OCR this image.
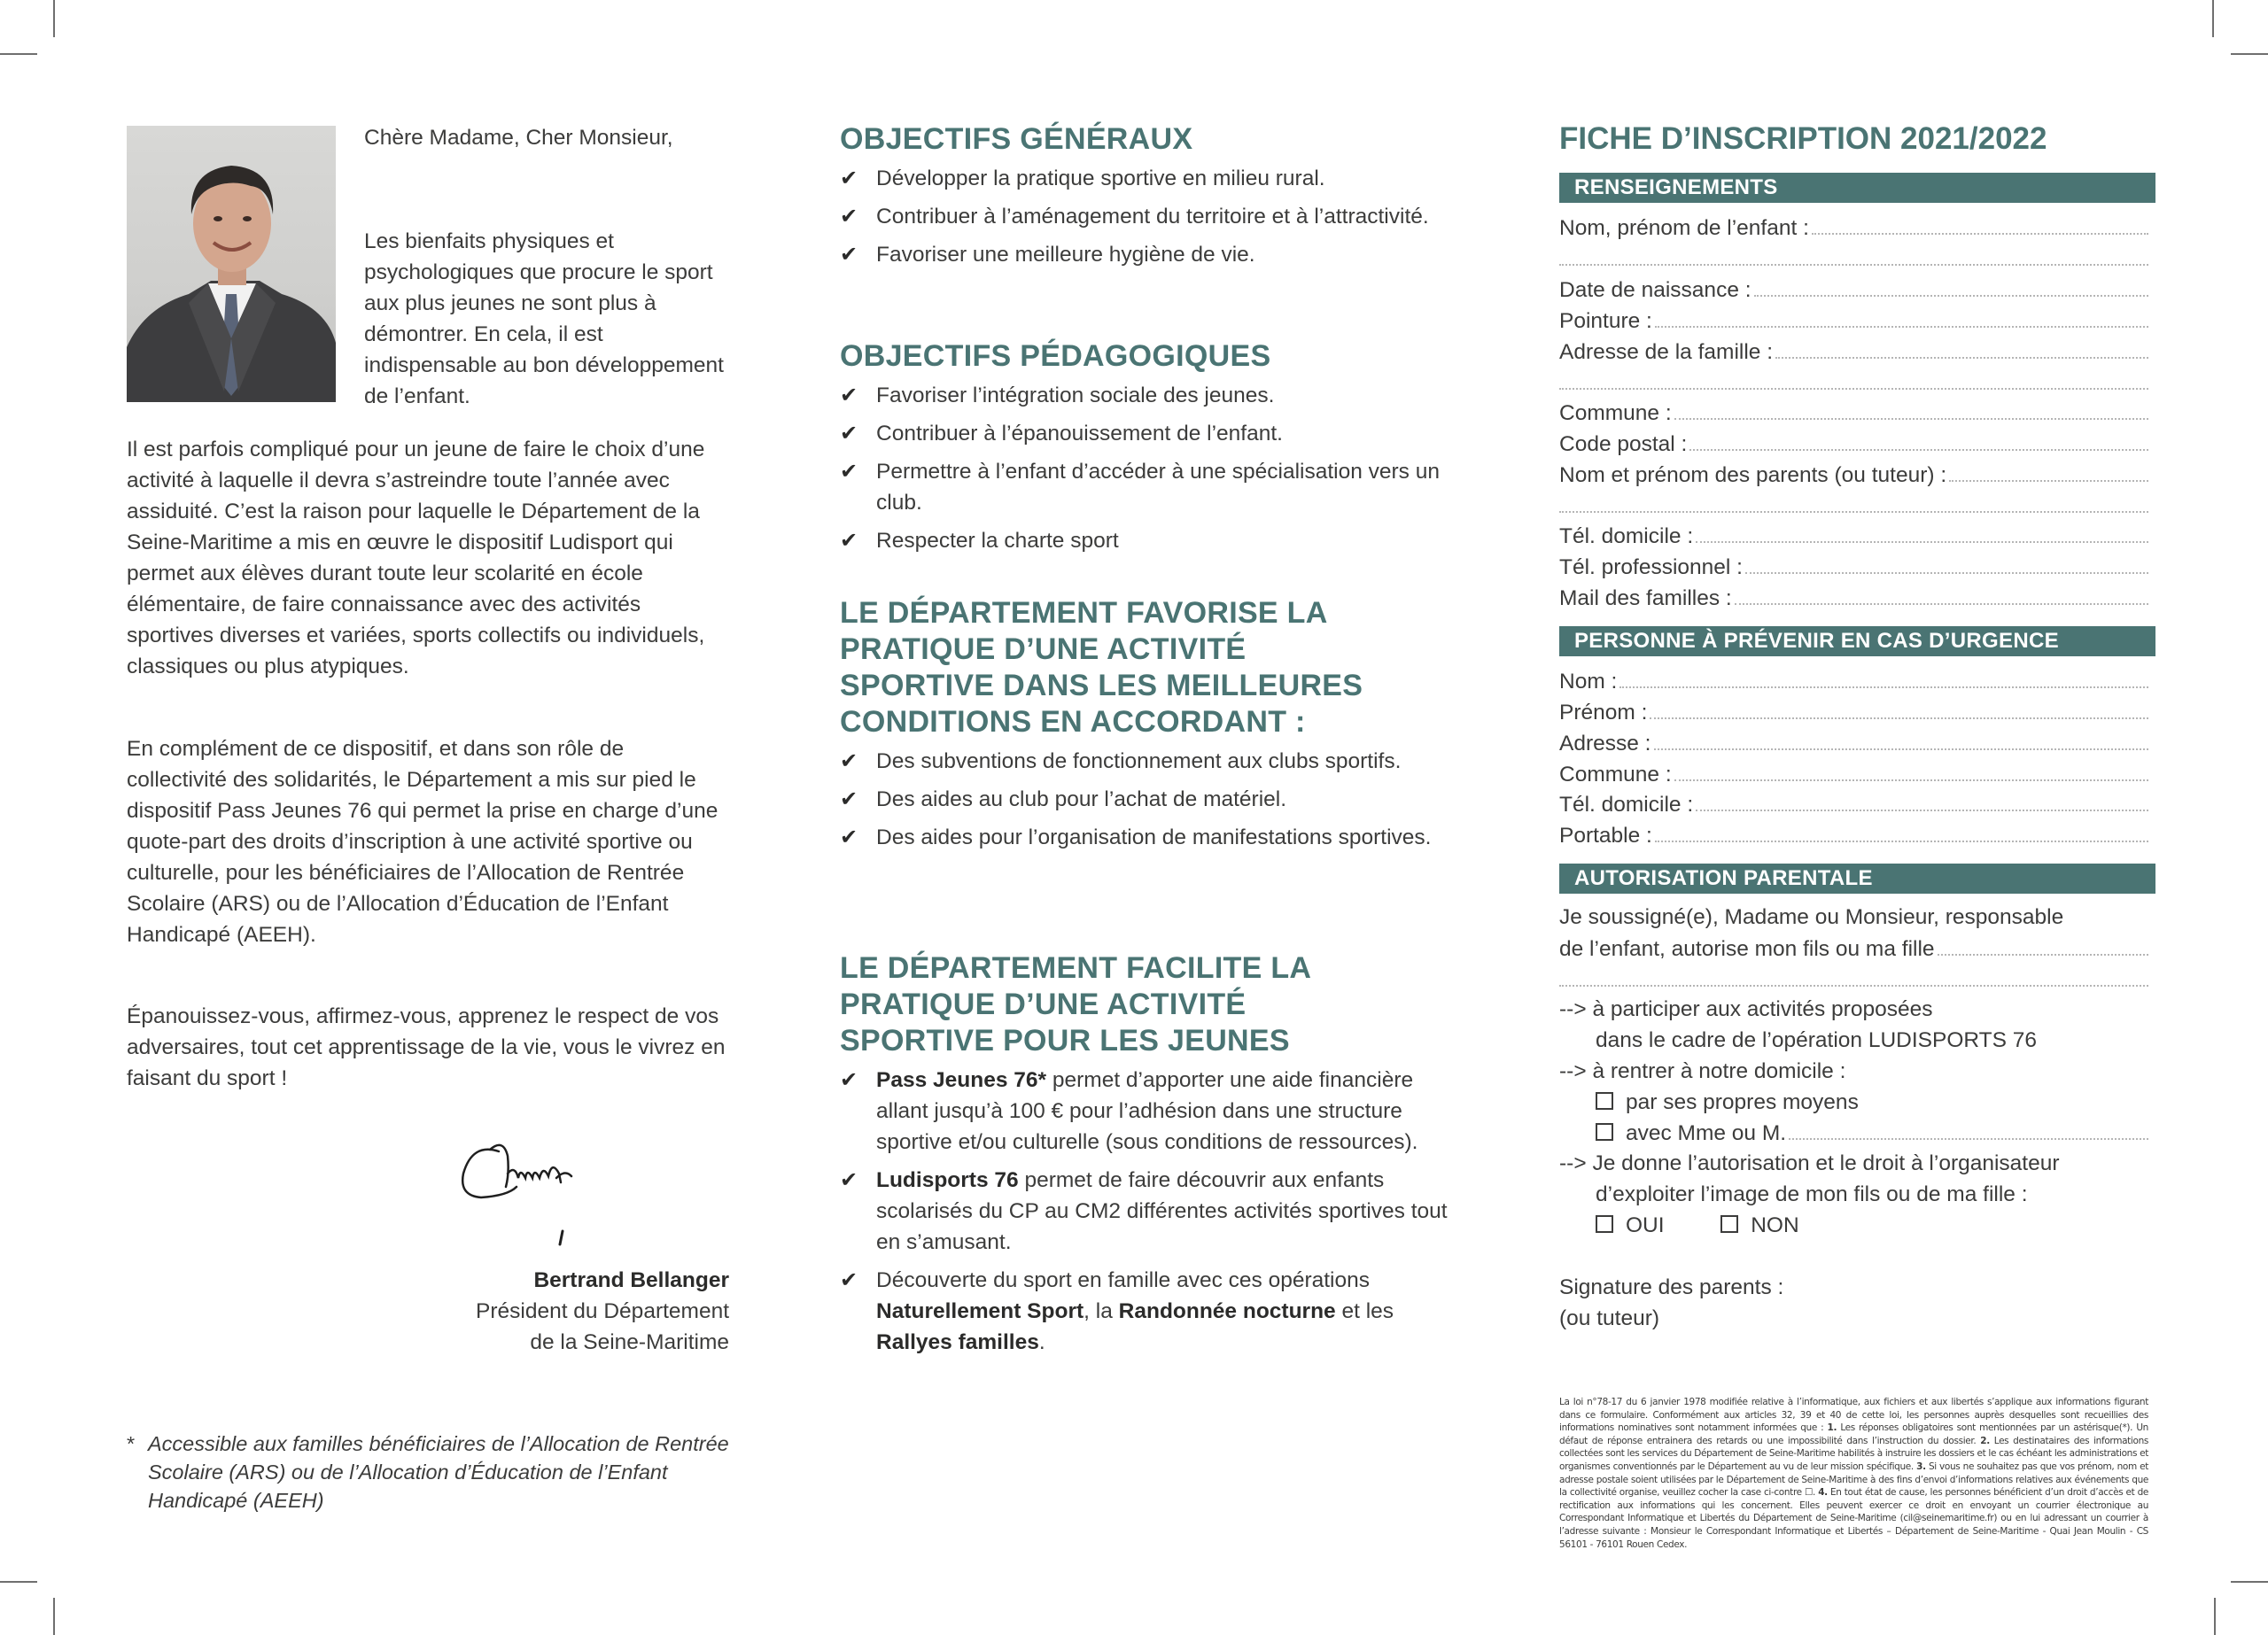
Chère Madame, Cher Monsieur,
Les bienfaits physiques et psychologiques que procure le sport aux plus jeunes ne sont plus à démontrer. En cela, il est indispensable au bon développement de l’enfant.

Il est parfois compliqué pour un jeune de faire le choix d’une activité à laquelle il devra s’astreindre toute l’année avec assiduité. C’est la raison pour laquelle le Département de la Seine-Maritime a mis en œuvre le dispositif Ludisport qui permet aux élèves durant toute leur scolarité en école élémentaire, de faire connaissance avec des activités sportives diverses et variées, sports collectifs ou individuels, classiques ou plus atypiques.

En complément de ce dispositif, et dans son rôle de collectivité des solidarités, le Département a mis sur pied le dispositif Pass Jeunes 76 qui permet la prise en charge d’une quote-part des droits d’inscription à une activité sportive ou culturelle, pour les bénéficiaires de l’Allocation de Rentrée Scolaire (ARS) ou de l’Allocation d’Éducation de l’Enfant Handicapé (AEEH).

Épanouissez-vous, affirmez-vous, apprenez le respect de vos adversaires, tout cet apprentissage de la vie, vous le vivrez en faisant du sport !

Bertrand Bellanger
Président du Département
de la Seine-Maritime
* Accessible aux familles bénéficiaires de l’Allocation de Rentrée Scolaire (ARS) ou de l’Allocation d’Éducation de l’Enfant Handicapé (AEEH)
OBJECTIFS GÉNÉRAUX
✔ Développer la pratique sportive en milieu rural.
✔ Contribuer à l’aménagement du territoire et à l’attractivité.
✔ Favoriser une meilleure hygiène de vie.
OBJECTIFS PÉDAGOGIQUES
✔ Favoriser l’intégration sociale des jeunes.
✔ Contribuer à l’épanouissement de l’enfant.
✔ Permettre à l’enfant d’accéder à une spécialisation vers un club.
✔ Respecter la charte sport
LE DÉPARTEMENT FAVORISE LA PRATIQUE D’UNE ACTIVITÉ SPORTIVE DANS LES MEILLEURES CONDITIONS EN ACCORDANT :
✔ Des subventions de fonctionnement aux clubs sportifs.
✔ Des aides au club pour l’achat de matériel.
✔ Des aides pour l’organisation de manifestations sportives.
LE DÉPARTEMENT FACILITE LA PRATIQUE D’UNE ACTIVITÉ SPORTIVE POUR LES JEUNES
✔ Pass Jeunes 76* permet d’apporter une aide financière allant jusqu’à 100 € pour l’adhésion dans une structure sportive et/ou culturelle (sous conditions de ressources).
✔ Ludisports 76 permet de faire découvrir aux enfants scolarisés du CP au CM2 différentes activités sportives tout en s’amusant.
✔ Découverte du sport en famille avec ces opérations Naturellement Sport, la Randonnée nocturne et les Rallyes familles.
FICHE D’INSCRIPTION 2021/2022
RENSEIGNEMENTS
Nom, prénom de l’enfant :
Date de naissance :
Pointure :
Adresse de la famille :
Commune :
Code postal :
Nom et prénom des parents (ou tuteur) :
Tél. domicile :
Tél. professionnel :
Mail des familles :
PERSONNE À PRÉVENIR EN CAS D’URGENCE
Nom :
Prénom :
Adresse :
Commune :
Tél. domicile :
Portable :
AUTORISATION PARENTALE
Je soussigné(e), Madame ou Monsieur, responsable
de l’enfant, autorise mon fils ou ma fille
--> à participer aux activités proposées
dans le cadre de l’opération LUDISPORTS 76
--> à rentrer à notre domicile :
par ses propres moyens
avec Mme ou M.
--> Je donne l’autorisation et le droit à l’organisateur
d’exploiter l’image de mon fils ou de ma fille :
OUI	NON
Signature des parents :
(ou tuteur)
La loi n°78-17 du 6 janvier 1978 modifiée relative à l’informatique, aux fichiers et aux libertés s’applique aux informations figurant dans ce formulaire. Conformément aux articles 32, 39 et 40 de cette loi, les personnes auprès desquelles sont recueillies des informations nominatives sont notamment informées que : 1. Les réponses obligatoires sont mentionnées par un astérisque(*). Un défaut de réponse entrainera des retards ou une impossibilité dans l’instruction du dossier. 2. Les destinataires des informations collectées sont les services du Département de Seine-Maritime habilités à instruire les dossiers et le cas échéant les administrations et organismes conventionnés par le Département au vu de leur mission spécifique. 3. Si vous ne souhaitez pas que vos prénom, nom et adresse postale soient utilisées par le Département de Seine-Maritime à des fins d’envoi d’informations relatives aux événements que la collectivité organise, veuillez cocher la case ci-contre ☐. 4. En tout état de cause, les personnes bénéficient d’un droit d’accès et de rectification aux informations qui les concernent. Elles peuvent exercer ce droit en envoyant un courrier électronique au Correspondant Informatique et Libertés du Département de Seine-Maritime (cil@seinemaritime.fr) ou en lui adressant un courrier à l’adresse suivante : Monsieur le Correspondant Informatique et Libertés – Département de Seine-Maritime - Quai Jean Moulin - CS 56101 - 76101 Rouen Cedex.
